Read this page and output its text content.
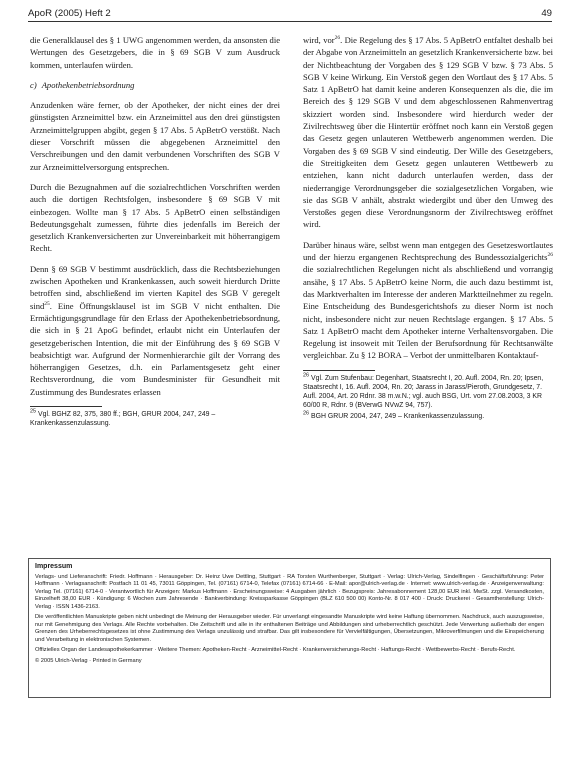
ApoR (2005) Heft 2	49

die Generalklausel des § 1 UWG angenommen werden, da ansonsten die Wertungen des Gesetzgebers, die in § 69 SGB V zum Ausdruck kommen, unterlaufen würden.

c) Apothekenbetriebsordnung

Anzudenken wäre ferner, ob der Apotheker, der nicht eines der drei günstigsten Arzneimittel bzw. ein Arzneimittel aus den drei günstigsten Arzneimittelgruppen abgibt, gegen § 17 Abs. 5 ApBetrO verstößt. Nach dieser Vorschrift müssen die abgegebenen Arzneimittel den Verschreibungen und den damit verbundenen Vorschriften des SGB V zur Arzneimittelversorgung entsprechen.

Durch die Bezugnahmen auf die sozialrechtlichen Vorschriften werden auch die dortigen Rechtsfolgen, insbesondere § 69 SGB V mit einbezogen. Wollte man § 17 Abs. 5 ApBetrO einen selbständigen Bedeutungsgehalt zumessen, führte dies jedenfalls im Bereich der gesetzlich Krankenversicherten zur Unvereinbarkeit mit höherrangigem Recht.

Denn § 69 SGB V bestimmt ausdrücklich, dass die Rechtsbeziehungen zwischen Apotheken und Krankenkassen, auch soweit hierdurch Dritte betroffen sind, abschließend im vierten Kapitel des SGB V geregelt sind$^{25}$. Eine Öffnungsklausel ist im SGB V nicht enthalten. Die Ermächtigungsgrundlage für den Erlass der Apothekenbetriebsordnung, die sich in § 21 ApoG befindet, erlaubt nicht ein Unterlaufen der gesetzgeberischen Intention, die mit der Einführung des § 69 SGB V beabsichtigt war. Aufgrund der Normenhierarchie gilt der Vorrang des höherrangigen Gesetzes, d.h. ein Parlamentsgesetz geht einer Rechtsverordnung, die vom Bundesminister für Gesundheit mit Zustimmung des Bundesrates erlassen

$^{25}$ Vgl. BGHZ 82, 375, 380 ff.; BGH, GRUR 2004, 247, 249 – Krankenkassenzulassung.

wird, vor$^{26}$. Die Regelung des § 17 Abs. 5 ApBetrO entfaltet deshalb bei der Abgabe von Arzneimitteln an gesetzlich Krankenversicherte bzw. bei der Nichtbeachtung der Vorgaben des § 129 SGB V bzw. § 73 Abs. 5 SGB V keine Wirkung. Ein Verstoß gegen den Wortlaut des § 17 Abs. 5 Satz 1 ApBetrO hat damit keine anderen Konsequenzen als die, die im Bereich des § 129 SGB V und dem abgeschlossenen Rahmenvertrag skizziert worden sind. Insbesondere wird hierdurch weder der Zivilrechtsweg über die Hintertür eröffnet noch kann ein Verstoß gegen das Gesetz gegen unlauteren Wettbewerb angenommen werden. Die Vorgaben des § 69 SGB V sind eindeutig. Der Wille des Gesetzgebers, die Streitigkeiten dem Gesetz gegen unlauteren Wettbewerb zu entziehen, kann nicht dadurch unterlaufen werden, dass der niederrangige Verordnungsgeber die sozialgesetzlichen Vorgaben, wie sie das SGB V anhält, abstrakt wiedergibt und über den Umweg des Verstoßes gegen diese Verordnungsnorm der Zivilrechtsweg eröffnet wird.

Darüber hinaus wäre, selbst wenn man entgegen des Gesetzeswortlautes und der hierzu ergangenen Rechtsprechung des Bundessozialgerichts$^{26}$ die sozialrechtlichen Regelungen nicht als abschließend und vorrangig ansähe, § 17 Abs. 5 ApBetrO keine Norm, die auch dazu bestimmt ist, das Marktverhalten im Interesse der anderen Marktteilnehmer zu regeln. Eine Entscheidung des Bundesgerichtshofs zu dieser Norm ist noch nicht, insbesondere nicht zur neuen Rechtslage ergangen. § 17 Abs. 5 Satz 1 ApBetrO macht dem Apotheker interne Verhaltensvorgaben. Die Regelung ist insoweit mit Teilen der Berufsordnung für Rechtsanwälte vergleichbar. Zu § 12 BORA – Verbot der unmittelbaren Kontaktauf-

$^{26}$ Vgl. Zum Stufenbau: Degenhart, Staatsrecht I, 20. Aufl. 2004, Rn. 20; Ipsen, Staatsrecht I, 16. Aufl. 2004, Rn. 20; Jarass in Jarass/Pieroth, Grundgesetz, 7. Aufl. 2004, Art. 20 Rdnr. 38 m.w.N.; vgl. auch BSG, Urt. vom 27.08.2003, 3 KR 60/00 R, Rdnr. 9 (BVerwG NVwZ 94, 757).

$^{26}$ BGH GRUR 2004, 247, 249 – Krankenkassenzulassung.

Impressum

Verlags- und Lieferanschrift: Friedr. Hoffmann · Herausgeber: Dr. Heinz Uwe Dettling, Stuttgart · RA Torsten Wurthenberger, Stuttgart · Verlag: Ulrich-Verlag, Sindelfingen · Geschäftsführung: Peter Hoffmann · Verlagsanschrift: Postfach 11 01 45, 73011 Göppingen, Tel. (07161) 6714-0, Telefax (07161) 6714-66 · E-Mail: apor@ulrich-verlag.de · Internet: www.ulrich-verlag.de · Anzeigenverwaltung: Verlag Tel. (07161) 6714-0 · Verantwortlich für Anzeigen: Markus Hoffmann · Erscheinungsweise: 4 Ausgaben jährlich · Bezugspreis: Jahresabonnement 128,00 EUR inkl. MwSt. zzgl. Versandkosten, Einzelheft 38,00 EUR · Kündigung: 6 Wochen zum Jahresende · Bankverbindung: Kreissparkasse Göppingen (BLZ 610 500 00) Konto-Nr. 8 017 400 · Druck: Druckerei · Gesamtherstellung: Ulrich-Verlag · ISSN 1436-2163.

Die veröffentlichten Manuskripte geben nicht unbedingt die Meinung der Herausgeber wieder. Für unverlangt eingesandte Manuskripte wird keine Haftung übernommen. Nachdruck, auch auszugsweise, nur mit Genehmigung des Verlags. Alle Rechte vorbehalten. Die Zeitschrift und alle in ihr enthaltenen Beiträge und Abbildungen sind urheberrechtlich geschützt. Jede Verwertung außerhalb der engen Grenzen des Urheberrechtsgesetzes ist ohne Zustimmung des Verlags unzulässig und strafbar. Das gilt insbesondere für Vervielfältigungen, Übersetzungen, Mikroverfilmungen und die Einspeicherung und Verarbeitung in elektronischen Systemen.

Offizielles Organ der Landesapothekerkammer · Weitere Themen: Apotheken-Recht · Arzneimittel-Recht · Krankenversicherungs-Recht · Haftungs-Recht · Wettbewerbs-Recht · Berufs-Recht.

© 2005 Ulrich-Verlag · Printed in Germany
